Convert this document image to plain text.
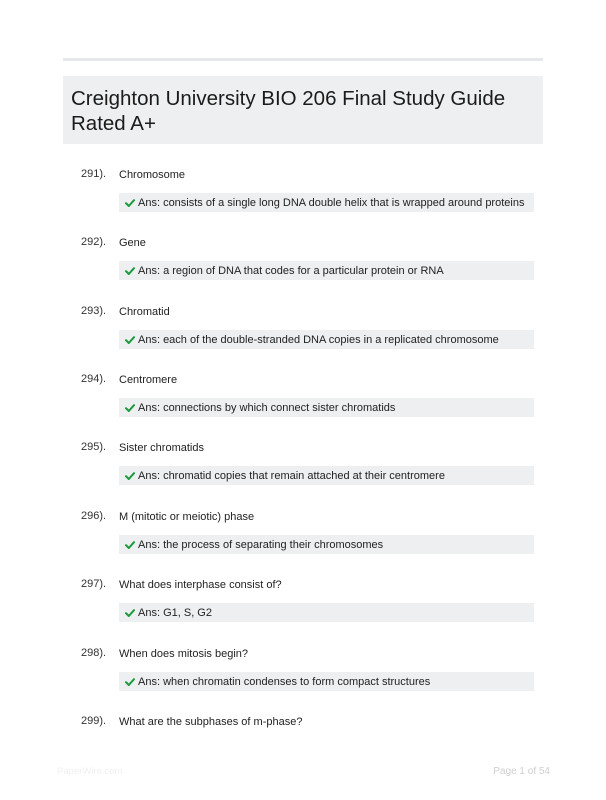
Creighton University BIO 206 Final Study Guide Rated A+
291). Chromosome
Ans: consists of a single long DNA double helix that is wrapped around proteins
292). Gene
Ans: a region of DNA that codes for a particular protein or RNA
293). Chromatid
Ans: each of the double-stranded DNA copies in a replicated chromosome
294). Centromere
Ans: connections by which connect sister chromatids
295). Sister chromatids
Ans: chromatid copies that remain attached at their centromere
296). M (mitotic or meiotic) phase
Ans: the process of separating their chromosomes
297). What does interphase consist of?
Ans: G1, S, G2
298). When does mitosis begin?
Ans: when chromatin condenses to form compact structures
299). What are the subphases of m-phase?
PaperWire.com	Page 1 of 54
